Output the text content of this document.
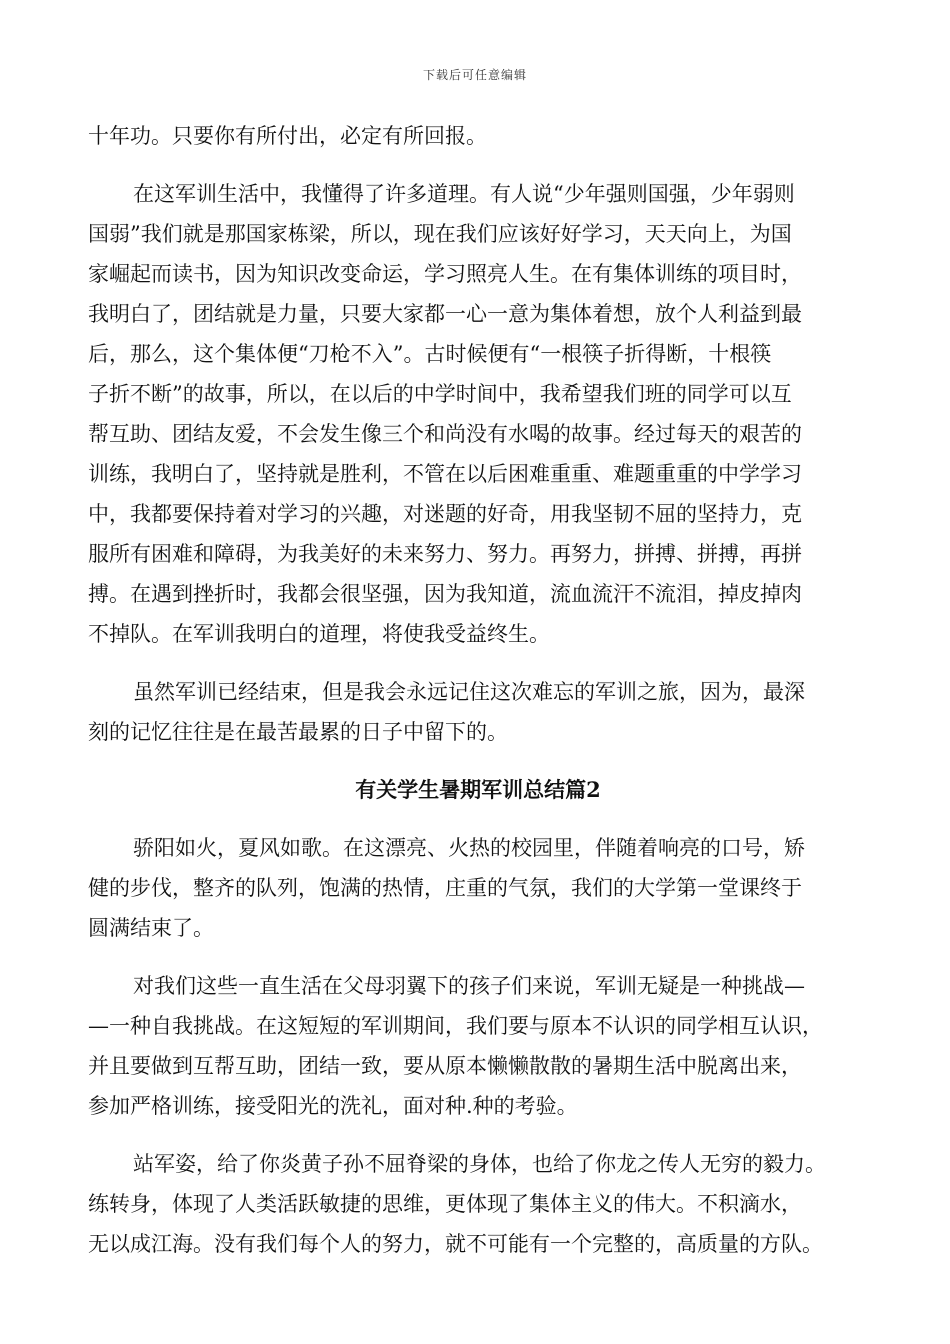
下载后可任意编辑

十年功。只要你有所付出，必定有所回报。

在这军训生活中，我懂得了许多道理。有人说“少年强则国强，少年弱则
国弱”我们就是那国家栋梁，所以，现在我们应该好好学习，天天向上，为国
家崛起而读书，因为知识改变命运，学习照亮人生。在有集体训练的项目时，
我明白了，团结就是力量，只要大家都一心一意为集体着想，放个人利益到最
后，那么，这个集体便“刀枪不入”。古时候便有“一根筷子折得断，十根筷
子折不断”的故事，所以，在以后的中学时间中，我希望我们班的同学可以互
帮互助、团结友爱，不会发生像三个和尚没有水喝的故事。经过每天的艰苦的
训练，我明白了，坚持就是胜利，不管在以后困难重重、难题重重的中学学习
中，我都要保持着对学习的兴趣，对迷题的好奇，用我坚韧不屈的坚持力，克
服所有困难和障碍，为我美好的未来努力、努力。再努力，拼搏、拼搏，再拼
搏。在遇到挫折时，我都会很坚强，因为我知道，流血流汗不流泪，掉皮掉肉
不掉队。在军训我明白的道理，将使我受益终生。

虽然军训已经结束，但是我会永远记住这次难忘的军训之旅，因为，最深
刻的记忆往往是在最苦最累的日子中留下的。

有关学生暑期军训总结篇2

骄阳如火，夏风如歌。在这漂亮、火热的校园里，伴随着响亮的口号，矫
健的步伐，整齐的队列，饱满的热情，庄重的气氛，我们的大学第一堂课终于
圆满结束了。

对我们这些一直生活在父母羽翼下的孩子们来说，军训无疑是一种挑战—
—一种自我挑战。在这短短的军训期间，我们要与原本不认识的同学相互认识，
并且要做到互帮互助，团结一致，要从原本懒懒散散的暑期生活中脱离出来，
参加严格训练，接受阳光的洗礼，面对种.种的考验。

站军姿，给了你炎黄子孙不屈脊梁的身体，也给了你龙之传人无穷的毅力。
练转身，体现了人类活跃敏捷的思维，更体现了集体主义的伟大。不积滴水，
无以成江海。没有我们每个人的努力，就不可能有一个完整的，高质量的方队。
